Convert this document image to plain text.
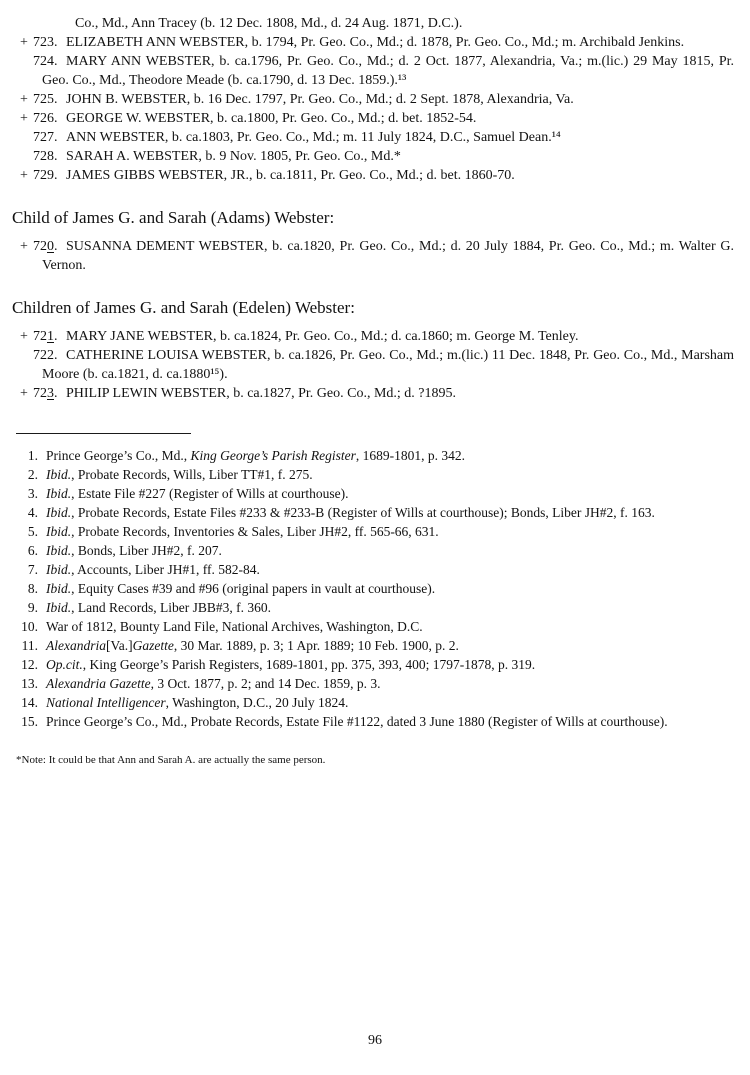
Co., Md., Ann Tracey (b. 12 Dec. 1808, Md., d. 24 Aug. 1871, D.C.).
+ 723. ELIZABETH ANN WEBSTER, b. 1794, Pr. Geo. Co., Md.; d. 1878, Pr. Geo. Co., Md.; m. Archibald Jenkins.
724. MARY ANN WEBSTER, b. ca.1796, Pr. Geo. Co., Md.; d. 2 Oct. 1877, Alexandria, Va.; m.(lic.) 29 May 1815, Pr. Geo. Co., Md., Theodore Meade (b. ca.1790, d. 13 Dec. 1859.).¹³
+ 725. JOHN B. WEBSTER, b. 16 Dec. 1797, Pr. Geo. Co., Md.; d. 2 Sept. 1878, Alexandria, Va.
+ 726. GEORGE W. WEBSTER, b. ca.1800, Pr. Geo. Co., Md.; d. bet. 1852-54.
727. ANN WEBSTER, b. ca.1803, Pr. Geo. Co., Md.; m. 11 July 1824, D.C., Samuel Dean.¹⁴
728. SARAH A. WEBSTER, b. 9 Nov. 1805, Pr. Geo. Co., Md.*
+ 729. JAMES GIBBS WEBSTER, JR., b. ca.1811, Pr. Geo. Co., Md.; d. bet. 1860-70.
Child of James G. and Sarah (Adams) Webster:
+ 720. SUSANNA DEMENT WEBSTER, b. ca.1820, Pr. Geo. Co., Md.; d. 20 July 1884, Pr. Geo. Co., Md.; m. Walter G. Vernon.
Children of James G. and Sarah (Edelen) Webster:
+ 721. MARY JANE WEBSTER, b. ca.1824, Pr. Geo. Co., Md.; d. ca.1860; m. George M. Tenley.
722. CATHERINE LOUISA WEBSTER, b. ca.1826, Pr. Geo. Co., Md.; m.(lic.) 11 Dec. 1848, Pr. Geo. Co., Md., Marsham Moore (b. ca.1821, d. ca.1880¹⁵).
+ 723. PHILIP LEWIN WEBSTER, b. ca.1827, Pr. Geo. Co., Md.; d. ?1895.
1. Prince George’s Co., Md., King George’s Parish Register, 1689-1801, p. 342.
2. Ibid., Probate Records, Wills, Liber TT#1, f. 275.
3. Ibid., Estate File #227 (Register of Wills at courthouse).
4. Ibid., Probate Records, Estate Files #233 & #233-B (Register of Wills at courthouse); Bonds, Liber JH#2, f. 163.
5. Ibid., Probate Records, Inventories & Sales, Liber JH#2, ff. 565-66, 631.
6. Ibid., Bonds, Liber JH#2, f. 207.
7. Ibid., Accounts, Liber JH#1, ff. 582-84.
8. Ibid., Equity Cases #39 and #96 (original papers in vault at courthouse).
9. Ibid., Land Records, Liber JBB#3, f. 360.
10. War of 1812, Bounty Land File, National Archives, Washington, D.C.
11. Alexandria[Va.]Gazette, 30 Mar. 1889, p. 3; 1 Apr. 1889; 10 Feb. 1900, p. 2.
12. Op.cit., King George’s Parish Registers, 1689-1801, pp. 375, 393, 400; 1797-1878, p. 319.
13. Alexandria Gazette, 3 Oct. 1877, p. 2; and 14 Dec. 1859, p. 3.
14. National Intelligencer, Washington, D.C., 20 July 1824.
15. Prince George’s Co., Md., Probate Records, Estate File #1122, dated 3 June 1880 (Register of Wills at courthouse).
*Note: It could be that Ann and Sarah A. are actually the same person.
96
